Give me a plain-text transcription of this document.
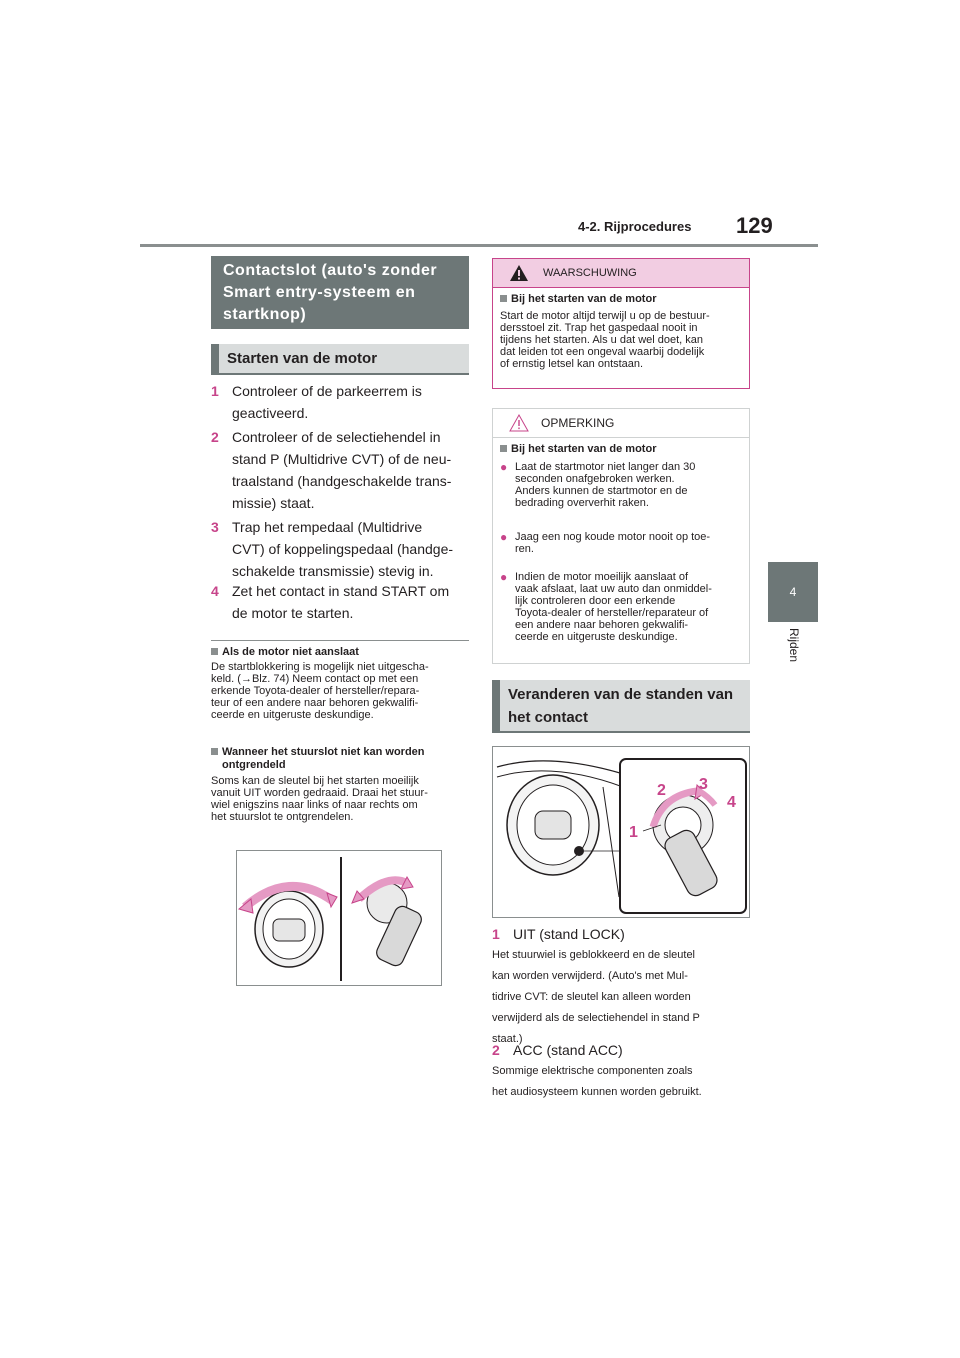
4-2. Rijprocedures 129
4
Rijden
Contactslot (auto's zonder Smart entry-systeem en startknop)
Starten van de motor
1 Controleer of de parkeerrem is
geactiveerd.
2 Controleer of de selectiehendel in
stand P (Multidrive CVT) of de neu-
traalstand (handgeschakelde trans-
missie) staat.
3 Trap het rempedaal (Multidrive
CVT) of koppelingspedaal (handge-
schakelde transmissie) stevig in.
4 Zet het contact in stand START om
de motor te starten.
Als de motor niet aanslaat
De startblokkering is mogelijk niet uitgescha-
keld. (→Blz. 74) Neem contact op met een
erkende Toyota-dealer of hersteller/repara-
teur of een andere naar behoren gekwalifi-
ceerde en uitgeruste deskundige.
Wanneer het stuurslot niet kan worden
ontgrendeld
Soms kan de sleutel bij het starten moeilijk
vanuit UIT worden gedraaid. Draai het stuur-
wiel enigszins naar links of naar rechts om
het stuurslot te ontgrendelen.
WAARSCHUWING
Bij het starten van de motor
Start de motor altijd terwijl u op de bestuur-
dersstoel zit. Trap het gaspedaal nooit in
tijdens het starten. Als u dat wel doet, kan
dat leiden tot een ongeval waarbij dodelijk
of ernstig letsel kan ontstaan.
OPMERKING
Bij het starten van de motor
● Laat de startmotor niet langer dan 30
seconden onafgebroken werken.
Anders kunnen de startmotor en de
bedrading oververhit raken.
● Jaag een nog koude motor nooit op toe-
ren.
● Indien de motor moeilijk aanslaat of
vaak afslaat, laat uw auto dan onmiddel-
lijk controleren door een erkende
Toyota-dealer of hersteller/reparateur of
een andere naar behoren gekwalifi-
ceerde en uitgeruste deskundige.
Veranderen van de standen van het contact
1
2 3
4
1 UIT (stand LOCK)
Het stuurwiel is geblokkeerd en de sleutel
kan worden verwijderd. (Auto's met Mul-
tidrive CVT: de sleutel kan alleen worden
verwijderd als de selectiehendel in stand P
staat.)
2 ACC (stand ACC)
Sommige elektrische componenten zoals
het audiosysteem kunnen worden gebruikt.
